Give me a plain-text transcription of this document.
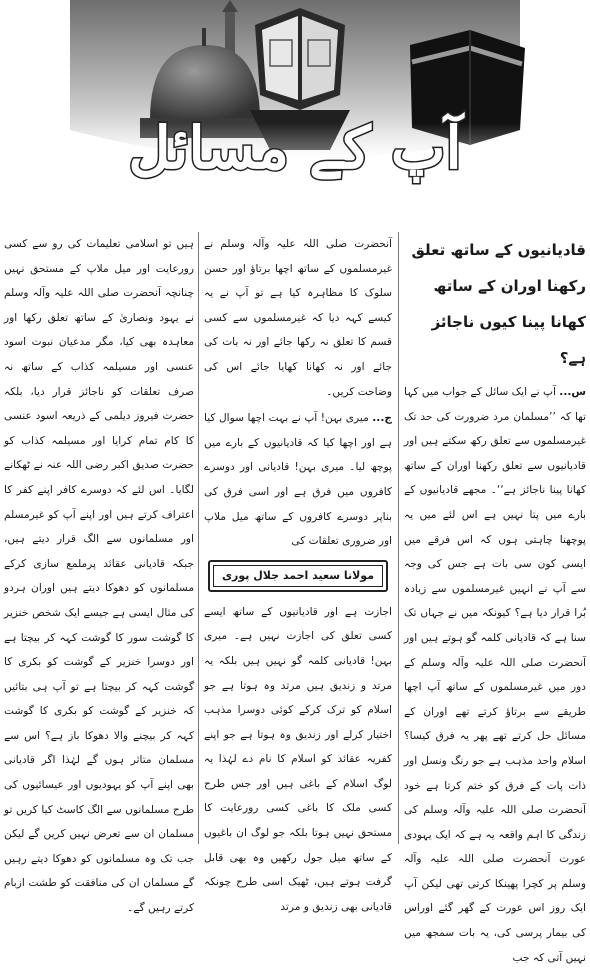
آپ کے مسائل
قادیانیوں کے ساتھ تعلق رکھنا اوران کے ساتھ کھانا پینا کیوں ناجائز ہے؟

س... آپ نے ایک سائل کے جواب میں کہا تھا کہ ’’مسلمان مرد ضرورت کی حد تک غیرمسلموں سے تعلق رکھ سکتے ہیں اور قادیانیوں سے تعلق رکھنا اوران کے ساتھ کھانا پینا ناجائز ہے‘‘۔ مجھے قادیانیوں کے بارے میں پتا نہیں ہے اس لئے میں یہ پوچھنا چاہتی ہوں کہ اس فرقے میں ایسی کون سی بات ہے جس کی وجہ سے آپ نے انہیں غیرمسلموں سے زیادہ بُرا قرار دیا ہے؟ کیونکہ میں نے جہاں تک سنا ہے کہ قادیانی کلمہ گو ہوتے ہیں اور آنحضرت صلی اللہ علیہ وآلہ وسلم کے دور میں غیرمسلموں کے ساتھ آپ اچھا طریقے سے برتاؤ کرتے تھے اوران کے مسائل حل کرتے تھے پھر یہ فرق کیسا؟ اسلام واحد مذہب ہے جو رنگ ونسل اور ذات پات کے فرق کو ختم کرتا ہے خود آنحضرت صلی اللہ علیہ وآلہ وسلم کی زندگی کا اہم واقعہ یہ ہے کہ ایک یہودی عورت آنحضرت صلی اللہ علیہ وآلہ وسلم پر کچرا پھینکا کرتی تھی لیکن آپ ایک روز اس عورت کے گھر گئے اوراس کی بیمار پرسی کی، یہ بات سمجھ میں نہیں آتی کہ جب

آنحضرت صلی اللہ علیہ وآلہ وسلم نے غیرمسلموں کے ساتھ اچھا برتاؤ اور حسن سلوک کا مظاہرہ کیا ہے تو آپ نے یہ کیسے کہہ دیا کہ غیرمسلموں سے کسی قسم کا تعلق نہ رکھا جائے اور نہ بات کی جائے اور نہ کھانا کھایا جائے اس کی وضاحت کریں۔

ج... میری بہن! آپ نے بہت اچھا سوال کیا ہے اور اچھا کیا کہ قادیانیوں کے بارے میں پوچھ لیا۔ میری بہن! قادیانی اور دوسرے کافروں میں فرق ہے اور اسی فرق کی بناپر دوسرے کافروں کے ساتھ میل ملاپ اور ضروری تعلقات کی

مولانا سعید احمد جلال پوری

اجازت ہے اور قادیانیوں کے ساتھ ایسے کسی تعلق کی اجازت نہیں ہے۔ میری بہن! قادیانی کلمہ گو نہیں ہیں بلکہ یہ مرتد و زندیق ہیں مرتد وہ ہوتا ہے جو اسلام کو ترک کرکے کوئی دوسرا مذہب اختیار کرلے اور زندیق وہ ہوتا ہے جو اپنے کفریہ عقائد کو اسلام کا نام دے لہٰذا یہ لوگ اسلام کے باغی ہیں اور جس طرح کسی ملک کا باغی کسی رورعایت کا مستحق نہیں ہوتا بلکہ جو لوگ ان باغیوں کے ساتھ میل جول رکھیں وہ بھی قابل گرفت ہوتے ہیں، ٹھیک اسی طرح چونکہ قادیانی بھی زندیق و مرتد

ہیں تو اسلامی تعلیمات کی رو سے کسی رورعایت اور میل ملاپ کے مستحق نہیں چنانچہ آنحضرت صلی اللہ علیہ وآلہ وسلم نے یہود ونصاریٰ کے ساتھ تعلق رکھا اور معاہدہ بھی کیا، مگر مدعیان نبوت اسود عنسی اور مسیلمہ کذاب کے ساتھ نہ صرف تعلقات کو ناجائز قرار دیا، بلکہ حضرت فیروز دیلمی کے ذریعہ اسود عنسی کا کام تمام کرایا اور مسیلمہ کذاب کو حضرت صدیق اکبر رضی اللہ عنہ نے ٹھکانے لگایا۔ اس لئے کہ دوسرے کافر اپنے کفر کا اعتراف کرتے ہیں اور اپنے آپ کو غیرمسلم اور مسلمانوں سے الگ قرار دیتے ہیں، جبکہ قادیانی عقائد پرملمع سازی کرکے مسلمانوں کو دھوکا دیتے ہیں اوران ہردو کی مثال ایسی ہے جیسے ایک شخص خنزیر کا گوشت سور کا گوشت کہہ کر بیچتا ہے اور دوسرا خنزیر کے گوشت کو بکری کا گوشت کہہ کر بیچتا ہے تو آپ ہی بتائیں کہ خنزیر کے گوشت کو بکری کا گوشت کہہ کر بیچنے والا دھوکا باز ہے؟ اس سے مسلمان متاثر ہوں گے لہٰذا اگر قادیانی بھی اپنے آپ کو یہودیوں اور عیسائیوں کی طرح مسلمانوں سے الگ کاسٹ کیا کریں تو مسلمان ان سے تعرض نہیں کریں گے لیکن جب تک وہ مسلمانوں کو دھوکا دیتے رہیں گے مسلمان ان کی منافقت کو طشت ازبام کرتے رہیں گے۔
